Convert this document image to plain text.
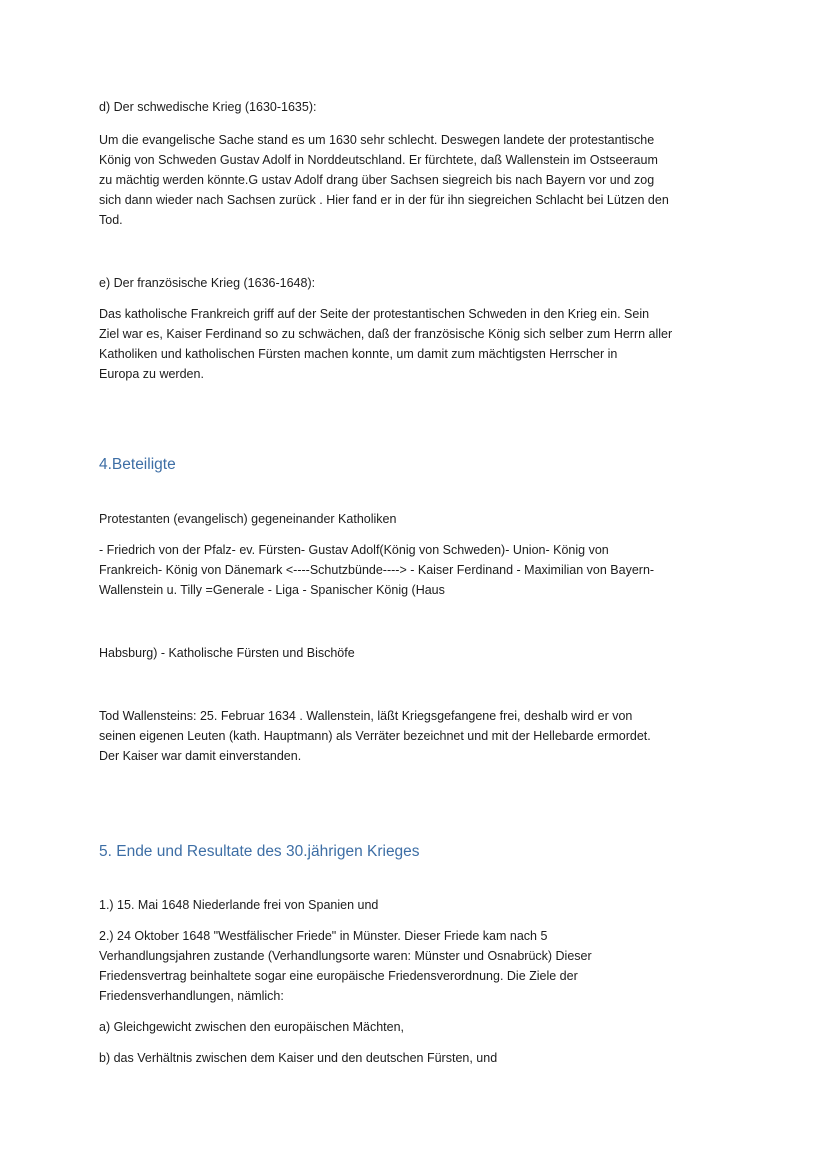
d) Der schwedische Krieg (1630-1635):
Um die evangelische Sache stand es um 1630 sehr schlecht. Deswegen landete der protestantische
König von Schweden Gustav Adolf in Norddeutschland. Er fürchtete, daß Wallenstein im Ostseeraum
zu mächtig werden könnte.G ustav Adolf drang über Sachsen siegreich bis nach Bayern vor und zog
sich dann wieder nach Sachsen zurück . Hier fand er in der für ihn siegreichen Schlacht bei Lützen den
Tod.
e) Der französische Krieg (1636-1648):
Das katholische Frankreich griff auf der Seite der protestantischen Schweden in den Krieg ein. Sein
Ziel war es, Kaiser Ferdinand so zu schwächen, daß der französische König sich selber zum Herrn aller
Katholiken und katholischen Fürsten machen konnte, um damit zum mächtigsten Herrscher in
Europa zu werden.
4.Beteiligte
Protestanten (evangelisch) gegeneinander Katholiken
- Friedrich von der Pfalz- ev. Fürsten- Gustav Adolf(König von Schweden)- Union- König von
Frankreich- König von Dänemark <----Schutzbünde----> - Kaiser Ferdinand - Maximilian von Bayern-
Wallenstein u. Tilly =Generale - Liga - Spanischer König (Haus
Habsburg) - Katholische Fürsten und Bischöfe
Tod Wallensteins: 25. Februar 1634 . Wallenstein, läßt Kriegsgefangene frei, deshalb wird er von
seinen eigenen Leuten (kath. Hauptmann) als Verräter bezeichnet und mit der Hellebarde ermordet.
Der Kaiser war damit einverstanden.
5. Ende und Resultate des 30.jährigen Krieges
1.) 15. Mai 1648 Niederlande frei von Spanien und
2.) 24 Oktober 1648 "Westfälischer Friede" in Münster. Dieser Friede kam nach 5
Verhandlungsjahren zustande (Verhandlungsorte waren: Münster und Osnabrück) Dieser
Friedensvertrag beinhaltete sogar eine europäische Friedensverordnung. Die Ziele der
Friedensverhandlungen, nämlich:
a) Gleichgewicht zwischen den europäischen Mächten,
b) das Verhältnis zwischen dem Kaiser und den deutschen Fürsten, und
